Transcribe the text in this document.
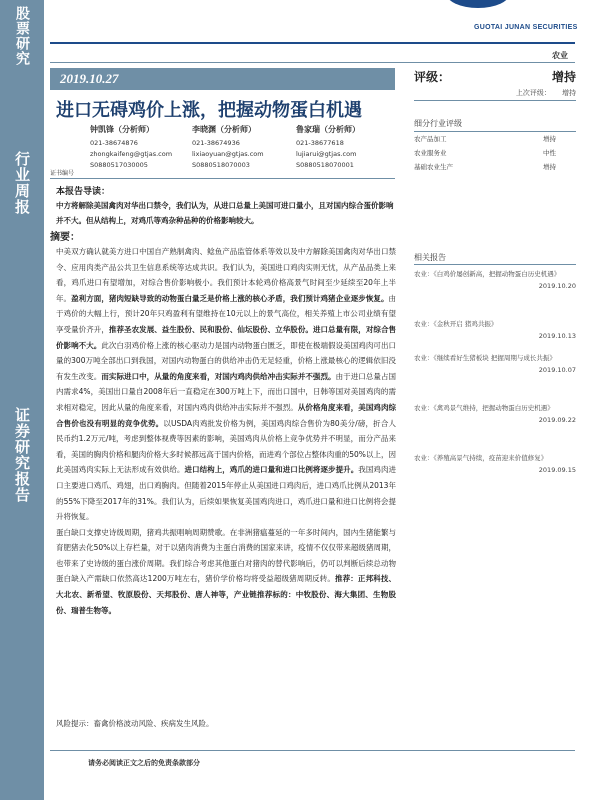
股票研究
行业周报
证券研究报告
GUOTAI JUNAN SECURITIES
农业
2019.10.27
进口无碍鸡价上涨，把握动物蛋白机遇
钟凯锋（分析师）
021-38674876
zhongkaifeng@gtjas.com
S0880517030005
李晓渊（分析师）
021-38674936
lixiaoyuan@gtjas.com
S0880518070003
鲁家瑞（分析师）
021-38677618
lujiarui@gtjas.com
S0880518070001
证书编号
本报告导读：
中方将解除美国禽肉对华出口禁令，我们认为，从进口总量上美国可进口量小，且对国内综合蛋价影响并不大。但从结构上，对鸡爪等鸡杂种品种的价格影响较大。
摘要：
中美双方确认就美方进口中国自产熟制禽肉、鲶鱼产品监管体系等效以及中方解除美国禽肉对华出口禁令、应用肉类产品公共卫生信息系统等达成共识。我们认为，美国进口鸡肉实则无忧，从产品品类上来看，鸡爪进口有望增加，对综合售价影响极小。我们预计本轮鸡价格高景气时间至少延续至20年上半年。盈利方面，猪肉短缺导致的动物蛋白量乏是价格上涨的核心矛盾，我们预计鸡猪企业逐步恢复。由于鸡价的大幅上行，预计20年只鸡盈利有望维持在10元以上的景气高位，相关养殖上市公司业绩有望享受量价齐升，推荐圣农发展、益生股份、民和股份、仙坛股份、立华股份。进口总量有限，对综合售价影响不大。此次白羽鸡价格上涨的核心驱动力是国内动物蛋白匮乏，即使在极端假设美国鸡肉可出口量的300万吨全部出口到我国，对国内动物蛋白的供给冲击仍无足轻重，价格上涨最核心的逻辑依旧没有发生改变。而实际进口中，从量的角度来看，对国内鸡肉供给冲击实际并不强烈。由于进口总量占国内需求4%，美国出口量自2008年后一直稳定在300万吨上下，而出口国中，日韩等国对美国鸡肉的需求相对稳定，因此从量的角度来看，对国内鸡肉供给冲击实际并不强烈。从价格角度来看，美国鸡肉综合售价也没有明显的竞争优势。以USDA肉鸡批发价格为例，美国鸡肉综合售价为80美分/磅，折合人民币约1.2万元/吨，考虑到整体视费等因素的影响，美国鸡肉从价格上竞争优势并不明显，而分产品来看，美国的胸肉价格和腿肉价格大多时候都远高于国内价格，而进鸡个部位占整体肉重的50%以上，因此美国鸡肉实际上无法形成有效供给。进口结构上，鸡爪的进口量和进口比例将逐步提升。我国鸡肉进口主要进口鸡爪、鸡翅，出口鸡胸肉。但随着2015年停止从美国进口鸡肉后，进口鸡爪比例从2013年的55%下降至2017年的31%。我们认为，后续如果恢复美国鸡肉进口，鸡爪进口量和进口比例将会提升将恢复。
蛋白缺口支撑史诗级周期，猪鸡共振唱响周期赞歌。在非洲猪瘟蔓延的一年多时间内，国内生猪能繁与育肥猪去化50%以上存栏量，对于以猪肉消费为主蛋白消费的国家来讲，疫情不仅仅带来超级猪周期，也带来了史诗级的蛋白涨价周期。我们综合考虑其他蛋白对猪肉的替代影响后，仍可以判断后续总动物蛋白缺入产需缺口依然高达1200万吨左右，猪价学价格均将受益超级猪周期反转。推荐：正邦科技、大北农、新希望、牧原股份、天邦股份、唐人神等，产业链推荐标的：中牧股份、海大集团、生物股份、瑞普生物等。
风险提示：畜禽价格波动风险、疾病发生风险。
请务必阅读正文之后的免责条款部分
评级：	增持
上次评级： 增持
细分行业评级
农产品加工	增持
农业服务业	中性
基础农业生产	增持
相关报告
农业：《白鸡价屡创新高，把握动物蛋白历史机遇》
2019.10.20
农业：《金秋开启 猪鸡共振》
2019.10.13
农业：《继续看好生猪板块 把握周期与成长共振》
2019.10.07
农业：《禽鸡景气维持，把握动物蛋白历史机遇》
2019.09.22
农业：《养殖高景气持续，疫苗迎来价值修复》
2019.09.15
